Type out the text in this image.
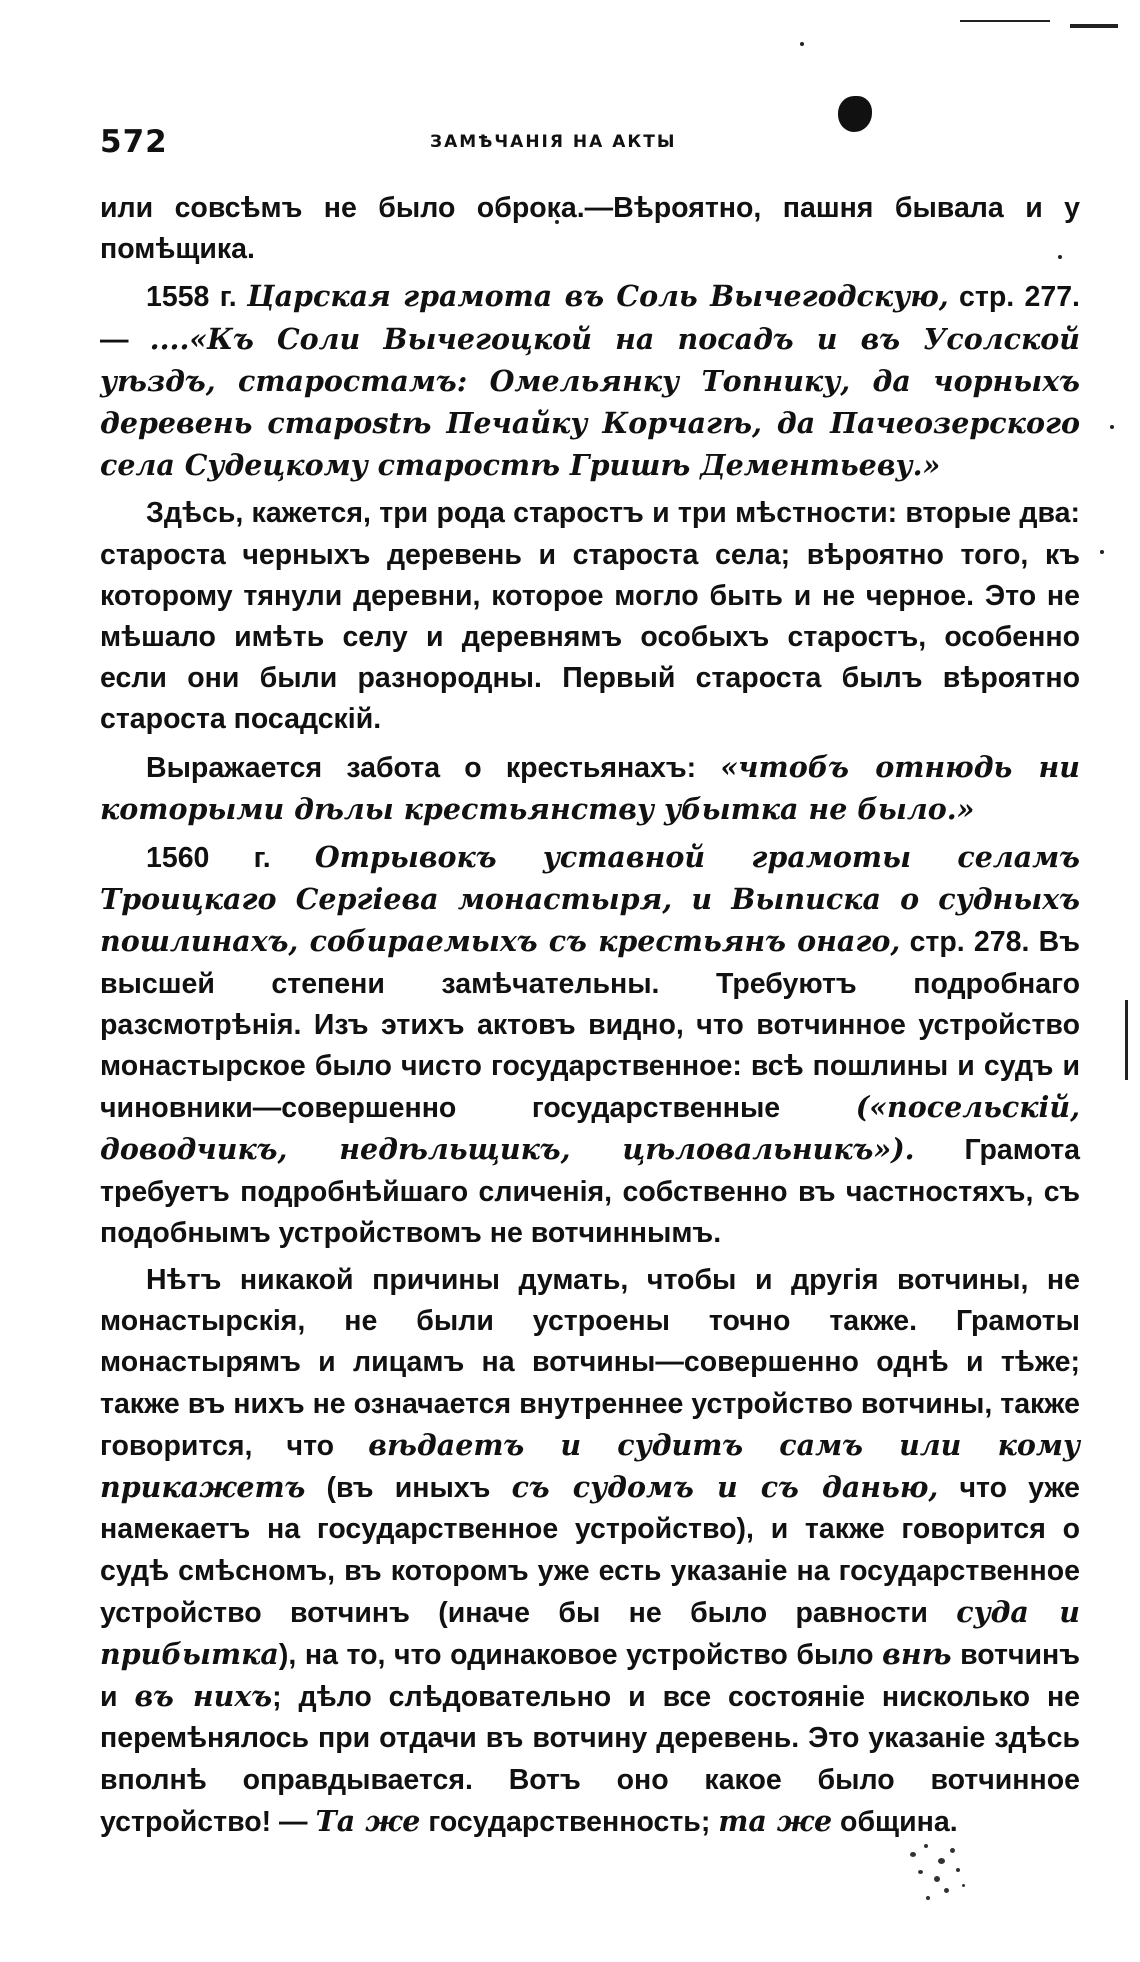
572	ЗАМѢЧАНІЯ НА АКТЫ

или совсѣмъ не было оброка.—Вѣроятно, пашня бывала и у помѣщика.

1558 г. Царская грамота въ Соль Вычегодскую, стр. 277.— ....«Къ Соли Вычегоцкой на посадъ и въ Усолской уѣздъ, старостамъ: Омельянку Топнику, да чорныхъ деревень староstѣ Печайку Корчагѣ, да Пачеозерского села Судецкому старостѣ Гришѣ Дементьеву.»

Здѣсь, кажется, три рода старостъ и три мѣстности: вторые два: староста черныхъ деревень и староста села; вѣроятно того, къ которому тянули деревни, которое могло быть и не черное. Это не мѣшало имѣть селу и деревнямъ особыхъ старостъ, особенно если они были разнородны. Первый староста былъ вѣроятно староста посадскій.

Выражается забота о крестьянахъ: «чтобъ отнюдь ни которыми дѣлы крестьянству убытка не было.»

1560 г. Отрывокъ уставной грамоты селамъ Троицкаго Сергіевa монастыря, и Выписка о судныхъ пошлинахъ, собираемыхъ съ крестьянъ онаго, стр. 278. Въ высшей степени замѣчательны. Требуютъ подробнаго разсмотрѣнія. Изъ этихъ актовъ видно, что вотчинное устройство монастырское было чисто государственное: всѣ пошлины и судъ и чиновники—совершенно государственные	(«посельскій, доводчикъ, недѣльщикъ, цѣловальникъ»). Грамота требуетъ подробнѣйшаго сличенія, собственно въ частностяхъ, съ подобнымъ устройствомъ не вотчиннымъ.

Нѣтъ никакой причины думать, чтобы и другія вотчины, не монастырскія, не были устроены точно также. Грамоты монастырямъ и лицамъ на вотчины—совершенно однѣ и тѣже; также въ нихъ не означается внутреннее устройство вотчины, также говорится, что вѣдаетъ и судитъ самъ или кому прикажетъ (въ иныхъ съ судомъ и съ данью, что уже намекаетъ на государственное устройство), и также говорится о судѣ смѣсномъ, въ которомъ уже есть указаніе на государственное устройство вотчинъ (иначе бы не было равности суда и прибытка), на то, что одинаковое устройство было внѣ вотчинъ и въ нихъ; дѣло слѣдовательно и все состояніе нисколько не перемѣнялось при отдачи въ вотчину деревень. Это указаніе здѣсь вполнѣ оправдывается. Вотъ оно какое было вотчинное устройство! — Та же государственность; та же община.
